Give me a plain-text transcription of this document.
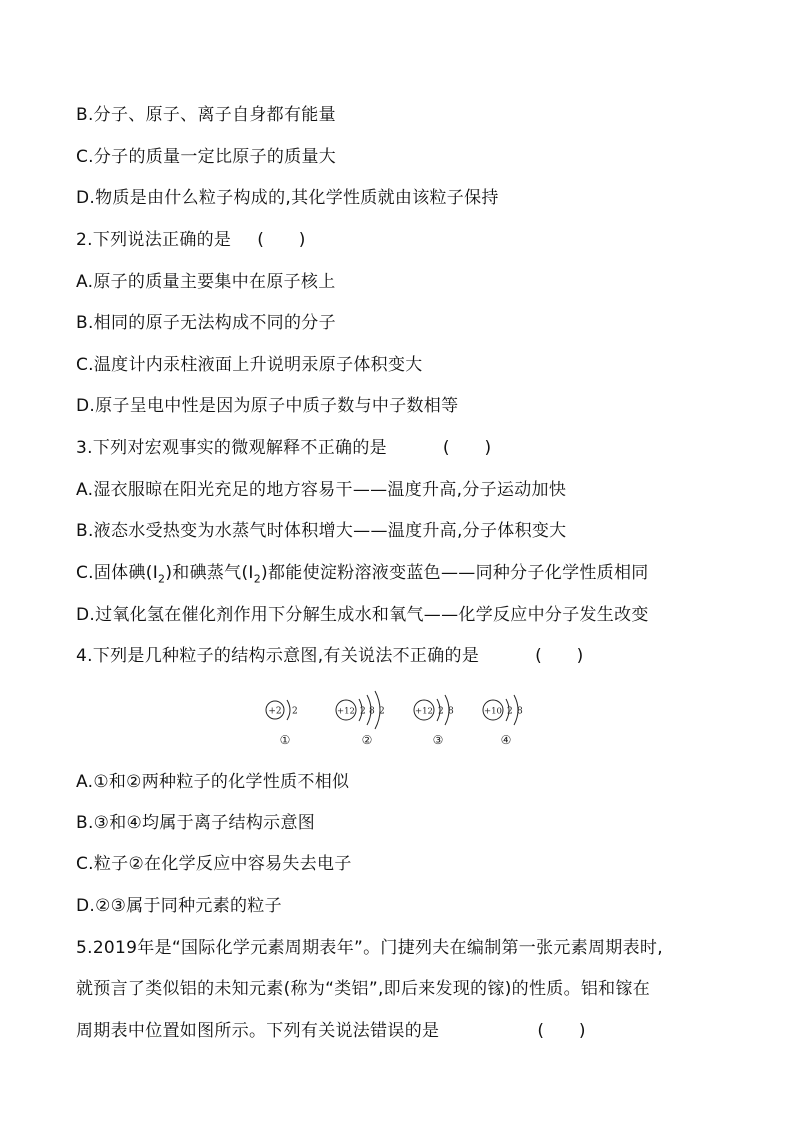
B.分子、原子、离子自身都有能量
C.分子的质量一定比原子的质量大
D.物质是由什么粒子构成的,其化学性质就由该粒子保持
2.下列说法正确的是 (　　)
A.原子的质量主要集中在原子核上
B.相同的原子无法构成不同的分子
C.温度计内汞柱液面上升说明汞原子体积变大
D.原子呈电中性是因为原子中质子数与中子数相等
3.下列对宏观事实的微观解释不正确的是	(　　)
A.湿衣服晾在阳光充足的地方容易干——温度升高,分子运动加快
B.液态水受热变为水蒸气时体积增大——温度升高,分子体积变大
C.固体碘$(I_2)$和碘蒸气$(I_2)$都能使淀粉溶液变蓝色——同种分子化学性质相同
D.过氧化氢在催化剂作用下分解生成水和氧气——化学反应中分子发生改变
4.下列是几种粒子的结构示意图,有关说法不正确的是	(　　)
+2 2
①
+12 2 8 2
②
+12 2 8
③
+10 2 8
④
A.①和②两种粒子的化学性质不相似
B.③和④均属于离子结构示意图
C.粒子②在化学反应中容易失去电子
D.②③属于同种元素的粒子
5.2019年是“国际化学元素周期表年”。门捷列夫在编制第一张元素周期表时,
就预言了类似铝的未知元素(称为“类铝”,即后来发现的镓)的性质。铝和镓在
周期表中位置如图所示。下列有关说法错误的是	(　　)
